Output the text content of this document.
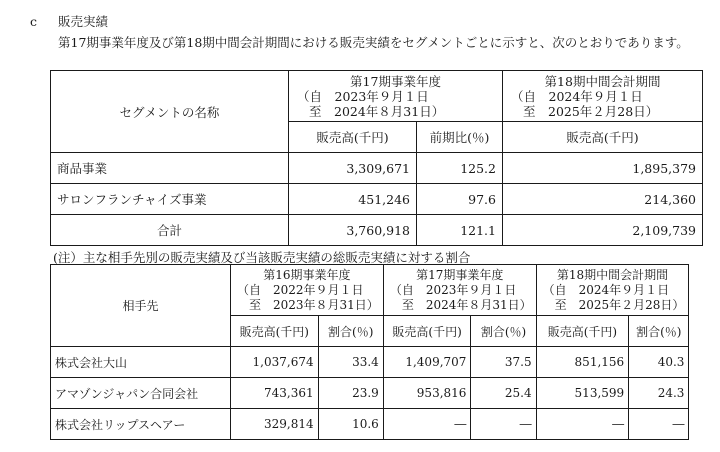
c 販売実績
第17期事業年度及び第18期中間会計期間における販売実績をセグメントごとに示すと、次のとおりであります。
セグメントの名称	第17期事業年度
（自　2023年９月１日
至　2024年８月31日）		第18期中間会計期間
（自　2024年９月１日
至　2025年２月28日）

	販売高(千円)	前期比(％)	販売高(千円)
商品事業	3,309,671	125.2	1,895,379
サロンフランチャイズ事業	451,246	97.6	214,360
合計	3,760,918	121.1	2,109,739
(注）主な相手先別の販売実績及び当該販売実績の総販売実績に対する割合
相手先	第16期事業年度
（自　2022年９月１日
至　2023年８月31日）		第17期事業年度
（自　2023年９月１日
至　2024年８月31日）		第18期中間会計期間
（自　2024年９月１日
至　2025年２月28日）	

	販売高(千円)	割合(％)	販売高(千円)	割合(％)	販売高(千円)	割合(％)
株式会社大山	1,037,674	33.4	1,409,707	37.5	851,156	40.3
アマゾンジャパン合同会社	743,361	23.9	953,816	25.4	513,599	24.3
株式会社リップスヘアー	329,814	10.6	―	―	―	―
